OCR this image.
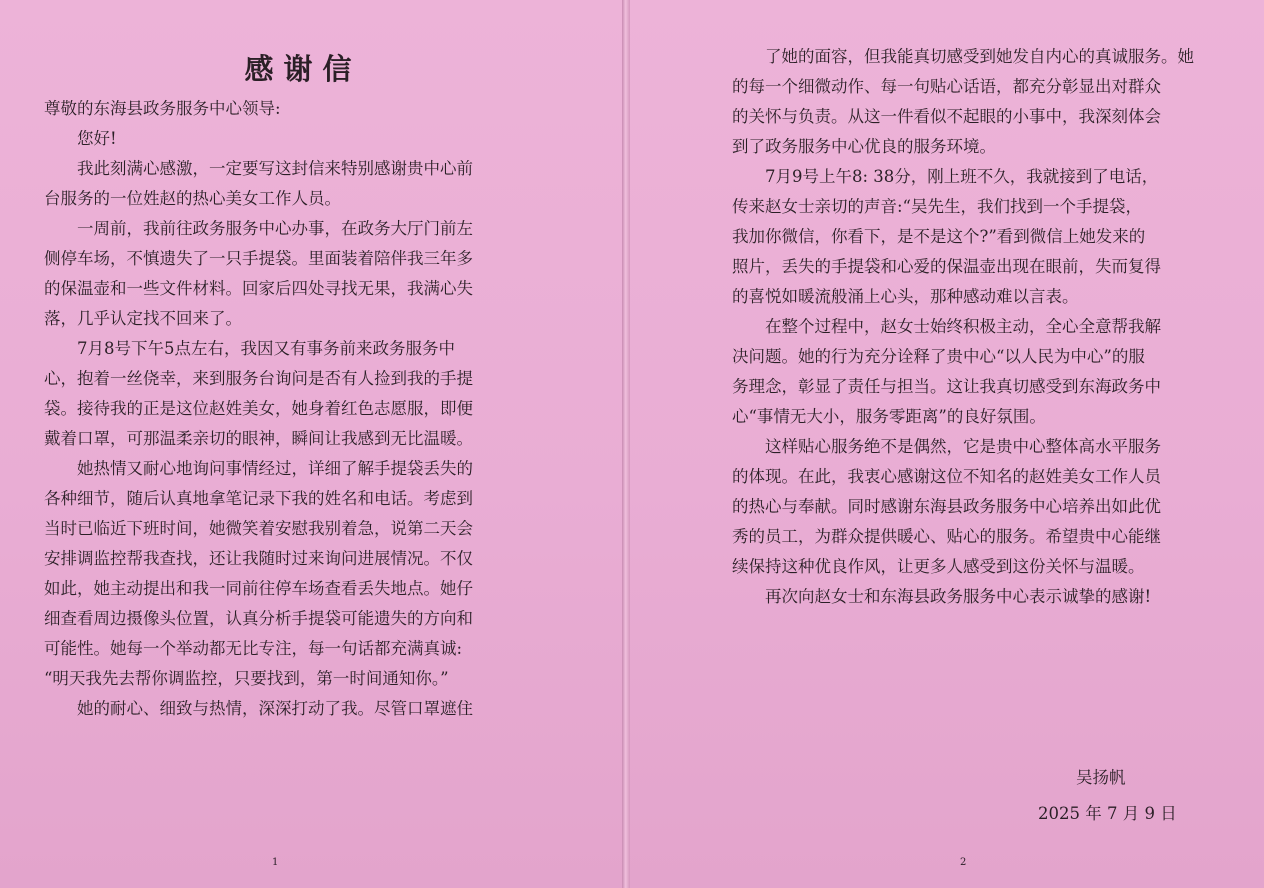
感谢信

尊敬的东海县政务服务中心领导:

您好!

我此刻满心感激，一定要写这封信来特别感谢贵中心前
台服务的一位姓赵的热心美女工作人员。

一周前，我前往政务服务中心办事，在政务大厅门前左
侧停车场，不慎遗失了一只手提袋。里面装着陪伴我三年多
的保温壶和一些文件材料。回家后四处寻找无果，我满心失
落，几乎认定找不回来了。

7月8号下午5点左右，我因又有事务前来政务服务中
心，抱着一丝侥幸，来到服务台询问是否有人捡到我的手提
袋。接待我的正是这位赵姓美女，她身着红色志愿服，即便
戴着口罩，可那温柔亲切的眼神，瞬间让我感到无比温暖。

她热情又耐心地询问事情经过，详细了解手提袋丢失的
各种细节，随后认真地拿笔记录下我的姓名和电话。考虑到
当时已临近下班时间，她微笑着安慰我别着急，说第二天会
安排调监控帮我查找，还让我随时过来询问进展情况。不仅
如此，她主动提出和我一同前往停车场查看丢失地点。她仔
细查看周边摄像头位置，认真分析手提袋可能遗失的方向和
可能性。她每一个举动都无比专注，每一句话都充满真诚:
“明天我先去帮你调监控，只要找到，第一时间通知你。”

她的耐心、细致与热情，深深打动了我。尽管口罩遮住

1

了她的面容，但我能真切感受到她发自内心的真诚服务。她
的每一个细微动作、每一句贴心话语，都充分彰显出对群众
的关怀与负责。从这一件看似不起眼的小事中，我深刻体会
到了政务服务中心优良的服务环境。

7月9号上午8: 38分，刚上班不久，我就接到了电话，
传来赵女士亲切的声音:“吴先生，我们找到一个手提袋，
我加你微信，你看下，是不是这个?”看到微信上她发来的
照片，丢失的手提袋和心爱的保温壶出现在眼前，失而复得
的喜悦如暖流般涌上心头，那种感动难以言表。

在整个过程中，赵女士始终积极主动，全心全意帮我解
决问题。她的行为充分诠释了贵中心“以人民为中心”的服
务理念，彰显了责任与担当。这让我真切感受到东海政务中
心“事情无大小，服务零距离”的良好氛围。

这样贴心服务绝不是偶然，它是贵中心整体高水平服务
的体现。在此，我衷心感谢这位不知名的赵姓美女工作人员
的热心与奉献。同时感谢东海县政务服务中心培养出如此优
秀的员工，为群众提供暖心、贴心的服务。希望贵中心能继
续保持这种优良作风，让更多人感受到这份关怀与温暖。

再次向赵女士和东海县政务服务中心表示诚挚的感谢!

吴扬帆
2025 年 7 月 9 日
2
